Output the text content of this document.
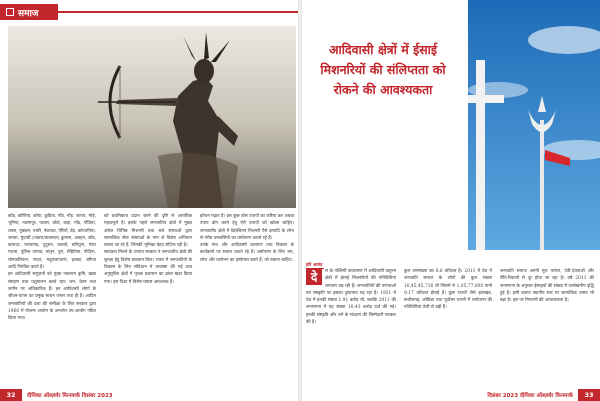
समाज

कोंड, कोलिया, कोया, कुडिया, गोंड, गोंड़, जताप, भोई, भूमिया, नवरंगपुर, पाथरा, बोर्डा, बाहा, गोंड, गोंडिया, शबरा, मुक्कन, पथरि, नेकपडा, ऐरियाँ, डेंड, कोरजनिया, जमता, मुंदाचीं (भंडारा/कंधमाल) कुमरम, अग्रहन, जोंड, कारादर, मलपागड, दुदुरुन, जलवी, चनियूना, मोटा पाटना, पुलिस दगगड, मातृन, पुरा, रोहितिया, पोदिना, चोनकलियान, परदर, मदूरालापटना, इलका, बगिया आदि नियंत्रित करते हैं।

इन आदिवासी समुदायों को मुक्त नवचयन कृषि, खाद्य संग्रहण तथा पशुपालन करते रहा। जन, वेतन तथा जमीन पर अधिकारिक हैं। इन आदिवासी लोगों के जीवन-यापन का प्रमुख साधन जंगल तथा ही हैं। आदिम जनजातियों की दशा की समीक्षा के लिए सरकार द्वारा 1960 में योजना आयोग के अन्तर्गत उप-आयोग गठित किया गया।

को प्रथमिकता प्रदान करने की दृष्टि से अत्यधिक महत्वपूर्ण है। इसके पहले जनजातिय क्षेत्रों में मुख्य अंग्रेज विभिन्न मिशनरी तथा चर्च संस्थाओं द्वारा सामाजिक सेवा संस्थाओं के नाम से विशेष अभियान चलाए जा रहे हैं, जिनकी भूमिका बेहद संदिग्ध रही है।

स्वतंत्रता मिलने के उपरांत सरकार ने जनजातीय क्षेत्रों की सुरक्षा हेतु विशेष प्रावधान किए। भारत में जनजातियों के विकास के लिए संविधान में व्यवस्था की गई तथा अनुसूचित क्षेत्रों में पृथक प्रशासन का ढांचा खड़ा किया गया। इस दिशा में विशेष प्रयास आवश्यक हैं।

इतेयन गढ़ता है। इस कुछ ठोस उपायों का जरिया कर अथवा उपाय ढोग करने हेतु ऐसे उपायों को खोजा चाहिए। जनजातीय क्षेत्रों में क्रिश्चियन मिशनरी पैसे इत्यादि के लोभ से गरीब वनवासियों का धर्मांतरण कराते रहे हैं।

उनके गांव और आदिवासी कल्याण तथा विकास के कार्यक्रमों पर सवाल उठाते रहे हैं। धर्मांतरण के लिए भय, लोभ और प्रलोभन का इस्तेमाल करते हैं, जो रुकना चाहिए।

32	दीपिका ऑब्ज़र्वर फिनमार्क दिसंबर 2023
आदिवासी क्षेत्रों में ईसाई मिशनरियों की संलिप्तता को रोकने की आवश्यकता
हरि आनंद
दे	स के पश्चिमी वातावरण में आदिवासी बाहुल्य क्षेत्रों में ईसाई मिशनरियों की गतिविधियां लगातार बढ़ रही हैं। जनजातियों की परंपराओं एवं संस्कृति पर इसका दुष्प्रभाव पड़ रहा है। 1951 में देश में इनकी संख्या 1.91 करोड़ थी, जबकि 2011 की जनगणना में यह संख्या 10.43 करोड़ दर्ज की गई। इनकी संस्कृति और धर्म के संरक्षण की जिम्मेदारी सरकार की है।

कुल जनसंख्या का 8.6 प्रतिशत है। 2011 में देश में जनजाति समाज के लोगों की कुल संख्या 10,45,45,716 थी जिसमें से 1,05,77,000 यानी 9.17 प्रतिशत ईसाई हैं। कुछ राज्यों जैसे झारखंड, छत्तीसगढ़, ओडिशा तथा पूर्वोत्तर राज्यों में धर्मांतरण की गतिविधियां तेजी से बढ़ी हैं।

जनजाति समाज अपनी मूल परंपरा, देवी-देवताओं और रीति-रिवाजों से दूर होता जा रहा है। वर्ष 2011 की जनगणना के अनुसार ईसाइयों की संख्या में उल्लेखनीय वृद्धि हुई है। इसी कारण स्थानीय स्तर पर सामाजिक तनाव भी बढ़ा है। इस पर निगरानी की आवश्यकता है।

दिसंबर 2023 दीपिका ऑब्ज़र्वर फिनमार्क	33
